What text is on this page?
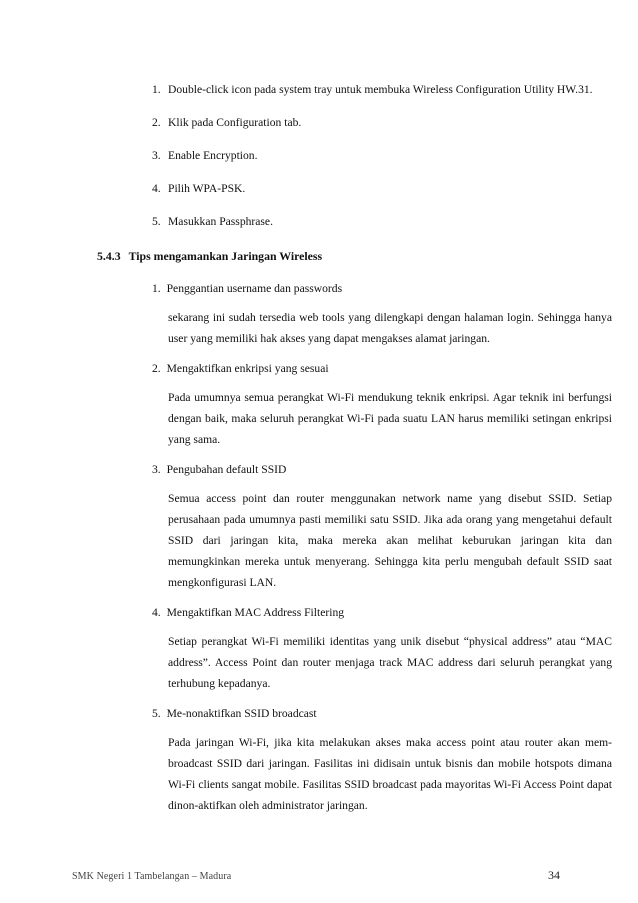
1. Double-click icon pada system tray untuk membuka Wireless Configuration Utility HW.31.
2. Klik pada Configuration tab.
3. Enable Encryption.
4. Pilih WPA-PSK.
5. Masukkan Passphrase.
5.4.3 Tips mengamankan Jaringan Wireless
1. Penggantian username dan passwords
sekarang ini sudah tersedia web tools yang dilengkapi dengan halaman login. Sehingga hanya user yang memiliki hak akses yang dapat mengakses alamat jaringan.
2. Mengaktifkan enkripsi yang sesuai
Pada umumnya semua perangkat Wi-Fi mendukung teknik enkripsi. Agar teknik ini berfungsi dengan baik, maka seluruh perangkat Wi-Fi pada suatu LAN harus memiliki setingan enkripsi yang sama.
3. Pengubahan default SSID
Semua access point dan router menggunakan network name yang disebut SSID. Setiap perusahaan pada umumnya pasti memiliki satu SSID. Jika ada orang yang mengetahui default SSID dari jaringan kita, maka mereka akan melihat keburukan jaringan kita dan memungkinkan mereka untuk menyerang. Sehingga kita perlu mengubah default SSID saat mengkonfigurasi LAN.
4. Mengaktifkan MAC Address Filtering
Setiap perangkat Wi-Fi memiliki identitas yang unik disebut “physical address” atau “MAC address”. Access Point dan router menjaga track MAC address dari seluruh perangkat yang terhubung kepadanya.
5. Me-nonaktifkan SSID broadcast
Pada jaringan Wi-Fi, jika kita melakukan akses maka access point atau router akan mem-broadcast SSID dari jaringan. Fasilitas ini didisain untuk bisnis dan mobile hotspots dimana Wi-Fi clients sangat mobile. Fasilitas SSID broadcast pada mayoritas Wi-Fi Access Point dapat dinon-aktifkan oleh administrator jaringan.
SMK Negeri 1 Tambelangan – Madura	34
